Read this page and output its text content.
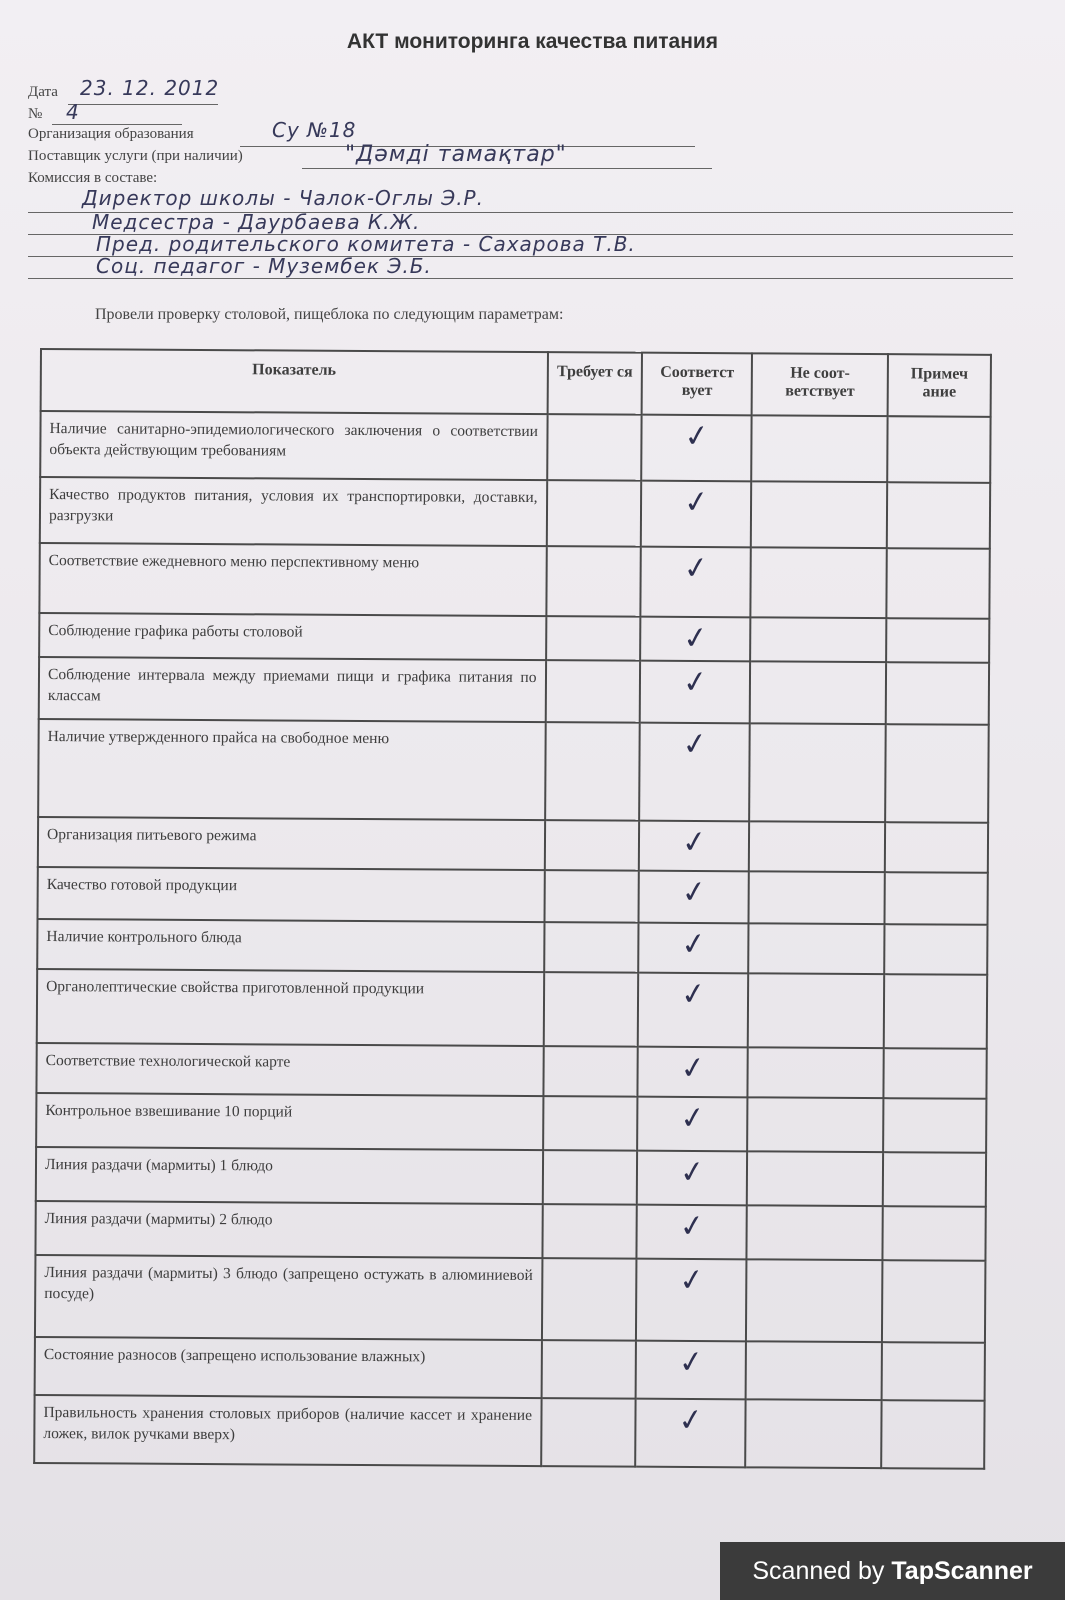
АКТ мониторинга качества питания
Дата 23. 12. 2012
№ 4
Организация образования	Су №18
Поставщик услуги (при наличии)	"Дәмді тамақтар"
Комиссия в составе:
Директор школы - Чалок-Оглы Э.Р.
Медсестра - Даурбаева К.Ж.
Пред. родительского комитета - Сахарова Т.В.
Соц. педагог - Музембек Э.Б.
Провели проверку столовой, пищеблока по следующим параметрам:
Показатель	Требует ся	Соответст вует	Не соот- ветствует	Примеч ание
Наличие санитарно-эпидемиологического заключения о соответствии объекта действующим требованиям		✓		
Качество продуктов питания, условия их транспортировки, доставки, разгрузки		✓		
Соответствие ежедневного меню перспективному меню		✓		
Соблюдение графика работы столовой		✓		
Соблюдение интервала между приемами пищи и графика питания по классам		✓		
Наличие утвержденного прайса на свободное меню		✓		
Организация питьевого режима		✓		
Качество готовой продукции		✓		
Наличие контрольного блюда		✓		
Органолептические свойства приготовленной продукции		✓		
Соответствие технологической карте		✓		
Контрольное взвешивание 10 порций		✓		
Линия раздачи (мармиты) 1 блюдо		✓		
Линия раздачи (мармиты) 2 блюдо		✓		
Линия раздачи (мармиты) 3 блюдо (запрещено остужать в алюминиевой посуде)		✓		
Состояние разносов (запрещено использование влажных)		✓		
Правильность хранения столовых приборов (наличие кассет и хранение ложек, вилок ручками вверх)		✓		
Scanned by TapScanner
